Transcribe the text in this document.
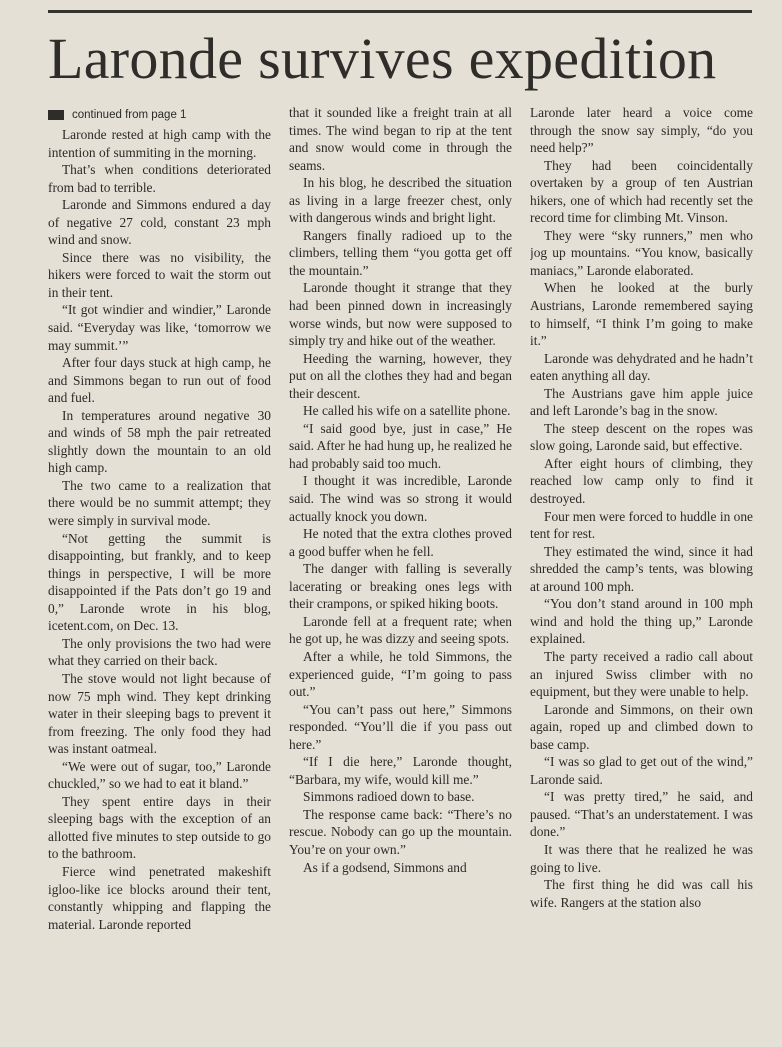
Laronde survives expedition
continued from page 1

Laronde rested at high camp with the intention of summiting in the morning.

That’s when conditions deteriorated from bad to terrible.

Laronde and Simmons endured a day of negative 27 cold, constant 23 mph wind and snow.

Since there was no visibility, the hikers were forced to wait the storm out in their tent.

“It got windier and windier,” Laronde said. “Everyday was like, ‘tomorrow we may summit.’”

After four days stuck at high camp, he and Simmons began to run out of food and fuel.

In temperatures around negative 30 and winds of 58 mph the pair retreated slightly down the mountain to an old high camp.

The two came to a realization that there would be no summit attempt; they were simply in survival mode.

“Not getting the summit is disappointing, but frankly, and to keep things in perspective, I will be more disappointed if the Pats don’t go 19 and 0,” Laronde wrote in his blog, icetent.com, on Dec. 13.

The only provisions the two had were what they carried on their back.

The stove would not light because of now 75 mph wind. They kept drinking water in their sleeping bags to prevent it from freezing. The only food they had was instant oatmeal.

“We were out of sugar, too,” Laronde chuckled,” so we had to eat it bland.”

They spent entire days in their sleeping bags with the exception of an allotted five minutes to step outside to go to the bathroom.

Fierce wind penetrated makeshift igloo-like ice blocks around their tent, constantly whipping and flapping the material. Laronde reported

that it sounded like a freight train at all times. The wind began to rip at the tent and snow would come in through the seams.

In his blog, he described the situation as living in a large freezer chest, only with dangerous winds and bright light.

Rangers finally radioed up to the climbers, telling them “you gotta get off the mountain.”

Laronde thought it strange that they had been pinned down in increasingly worse winds, but now were supposed to simply try and hike out of the weather.

Heeding the warning, however, they put on all the clothes they had and began their descent.

He called his wife on a satellite phone.

“I said good bye, just in case,” He said. After he had hung up, he realized he had probably said too much.

I thought it was incredible, Laronde said. The wind was so strong it would actually knock you down.

He noted that the extra clothes proved a good buffer when he fell.

The danger with falling is severally lacerating or breaking ones legs with their crampons, or spiked hiking boots.

Laronde fell at a frequent rate; when he got up, he was dizzy and seeing spots.

After a while, he told Simmons, the experienced guide, “I’m going to pass out.”

“You can’t pass out here,” Simmons responded. “You’ll die if you pass out here.”

“If I die here,” Laronde thought, “Barbara, my wife, would kill me.”

Simmons radioed down to base.

The response came back: “There’s no rescue. Nobody can go up the mountain. You’re on your own.”

As if a godsend, Simmons and

Laronde later heard a voice come through the snow say simply, “do you need help?”

They had been coincidentally overtaken by a group of ten Austrian hikers, one of which had recently set the record time for climbing Mt. Vinson.

They were “sky runners,” men who jog up mountains. “You know, basically maniacs,” Laronde elaborated.

When he looked at the burly Austrians, Laronde remembered saying to himself, “I think I’m going to make it.”

Laronde was dehydrated and he hadn’t eaten anything all day.

The Austrians gave him apple juice and left Laronde’s bag in the snow.

The steep descent on the ropes was slow going, Laronde said, but effective.

After eight hours of climbing, they reached low camp only to find it destroyed.

Four men were forced to huddle in one tent for rest.

They estimated the wind, since it had shredded the camp’s tents, was blowing at around 100 mph.

“You don’t stand around in 100 mph wind and hold the thing up,” Laronde explained.

The party received a radio call about an injured Swiss climber with no equipment, but they were unable to help.

Laronde and Simmons, on their own again, roped up and climbed down to base camp.

“I was so glad to get out of the wind,” Laronde said.

“I was pretty tired,” he said, and paused. “That’s an understatement. I was done.”

It was there that he realized he was going to live.

The first thing he did was call his wife. Rangers at the station also
